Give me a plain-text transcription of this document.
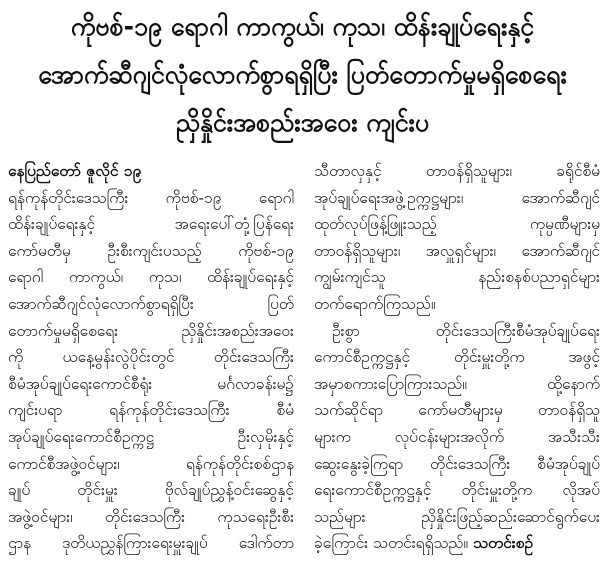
ကိုဗစ်-၁၉ ရောဂါ ကာကွယ်၊ ကုသ၊ ထိန်းချုပ်ရေးနှင့်
အောက်ဆီဂျင်လုံလောက်စွာရရှိပြီး ပြတ်တောက်မှုမရှိစေရေး
ညှိနှိုင်းအစည်းအဝေး ကျင်းပ
နေပြည်တော် ဇူလိုင် ၁၉
ရန်ကုန်တိုင်းဒေသကြီး ကိုဗစ်-၁၉ ရောဂါ
ထိန်းချုပ်ရေးနှင့် အရေးပေါ်တုံ့ပြန်ရေး
ကော်မတီမှ ဦးစီးကျင်းပသည့် ကိုဗစ်-၁၉
ရောဂါ ကာကွယ်၊ ကုသ၊ ထိန်းချုပ်ရေးနှင့်
အောက်ဆီဂျင်လုံလောက်စွာရရှိပြီး ပြတ်
တောက်မှုမရှိစေရေး ညှိနှိုင်းအစည်းအဝေး
ကို ယနေ့မွန်းလွဲပိုင်းတွင် တိုင်းဒေသကြီး
စီမံအုပ်ချုပ်ရေးကောင်စီရုံး မင်္ဂလာခန်းမ၌
ကျင်းပရာ ရန်ကုန်တိုင်းဒေသကြီး စီမံ
အုပ်ချုပ်ရေးကောင်စီဥက္ကဋ္ဌ ဦးလှမိုးနှင့်
ကောင်စီအဖွဲ့ဝင်များ၊ ရန်ကုန်တိုင်းစစ်ဌာန
ချုပ် တိုင်းမှူး ဗိုလ်ချုပ်ညွှန့်ဝင်းဆွေနှင့်
အဖွဲ့ဝင်များ၊ တိုင်းဒေသကြီး ကုသရေးဦးစီး
ဌာန ဒုတိယညွှန်ကြားရေးမှူးချုပ် ဒေါက်တာ
သီတာလှနှင့် တာဝန်ရှိသူများ၊ ခရိုင်စီမံ
အုပ်ချုပ်ရေးအဖွဲ့ဥက္ကဋ္ဌများ၊ အောက်ဆီဂျင်
ထုတ်လုပ်ဖြန့်ဖြူးသည့် ကုမ္ပဏီများမှ
တာဝန်ရှိသူများ၊ အလှူရှင်များ၊ အောက်ဆီဂျင်
ကျွမ်းကျင်သူ နည်းစနစ်ပညာရှင်များ
တက်ရောက်ကြသည်။
ဦးစွာ တိုင်းဒေသကြီးစီမံအုပ်ချုပ်ရေး
ကောင်စီဥက္ကဋ္ဌနှင့် တိုင်းမှူးတို့က အဖွင့်
အမှာစကားပြောကြားသည်။ ထို့နောက်
သက်ဆိုင်ရာ ကော်မတီများမှ တာဝန်ရှိသူ
များက လုပ်ငန်းများအလိုက် အသီးသီး
ဆွေးနွေးခဲ့ကြရာ တိုင်းဒေသကြီး စီမံအုပ်ချုပ်
ရေးကောင်စီဥက္ကဋ္ဌနှင့် တိုင်းမှူးတို့က လိုအပ်
သည်များ ညှိနှိုင်းဖြည့်ဆည်းဆောင်ရွက်ပေး
ခဲ့ကြောင်း သတင်းရရှိသည်။ သတင်းစဉ်
